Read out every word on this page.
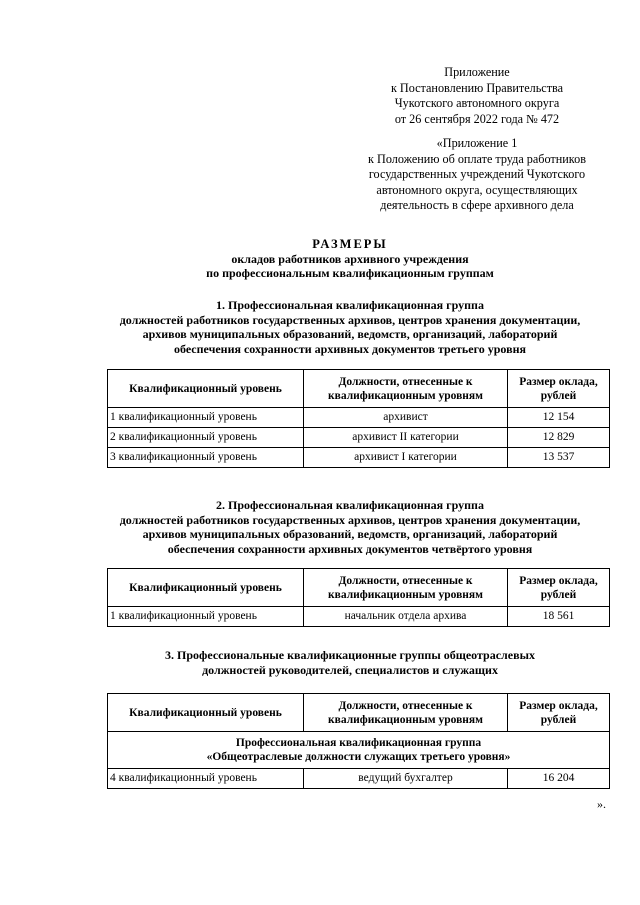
Приложение
к Постановлению Правительства
Чукотского автономного округа
от 26 сентября 2022 года № 472
«Приложение 1
к Положению об оплате труда работников
государственных учреждений Чукотского
автономного округа, осуществляющих
деятельность в сфере архивного дела
РАЗМЕРЫ
окладов работников архивного учреждения
по профессиональным квалификационным группам
1. Профессиональная квалификационная группа
должностей работников государственных архивов, центров хранения документации,
архивов муниципальных образований, ведомств, организаций, лабораторий
обеспечения сохранности архивных документов третьего уровня
Квалификационный уровень	Должности, отнесенные к квалификационным уровням	Размер оклада, рублей
1 квалификационный уровень	архивист	12 154
2 квалификационный уровень	архивист II категории	12 829
3 квалификационный уровень	архивист I категории	13 537
2. Профессиональная квалификационная группа
должностей работников государственных архивов, центров хранения документации,
архивов муниципальных образований, ведомств, организаций, лабораторий
обеспечения сохранности архивных документов четвёртого уровня
Квалификационный уровень	Должности, отнесенные к квалификационным уровням	Размер оклада, рублей
1 квалификационный уровень	начальник отдела архива	18 561
3. Профессиональные квалификационные группы общеотраслевых
должностей руководителей, специалистов и служащих
Квалификационный уровень	Должности, отнесенные к квалификационным уровням	Размер оклада, рублей

Профессиональная квалификационная группа
«Общеотраслевые должности служащих третьего уровня»		

4 квалификационный уровень	ведущий бухгалтер	16 204
».
